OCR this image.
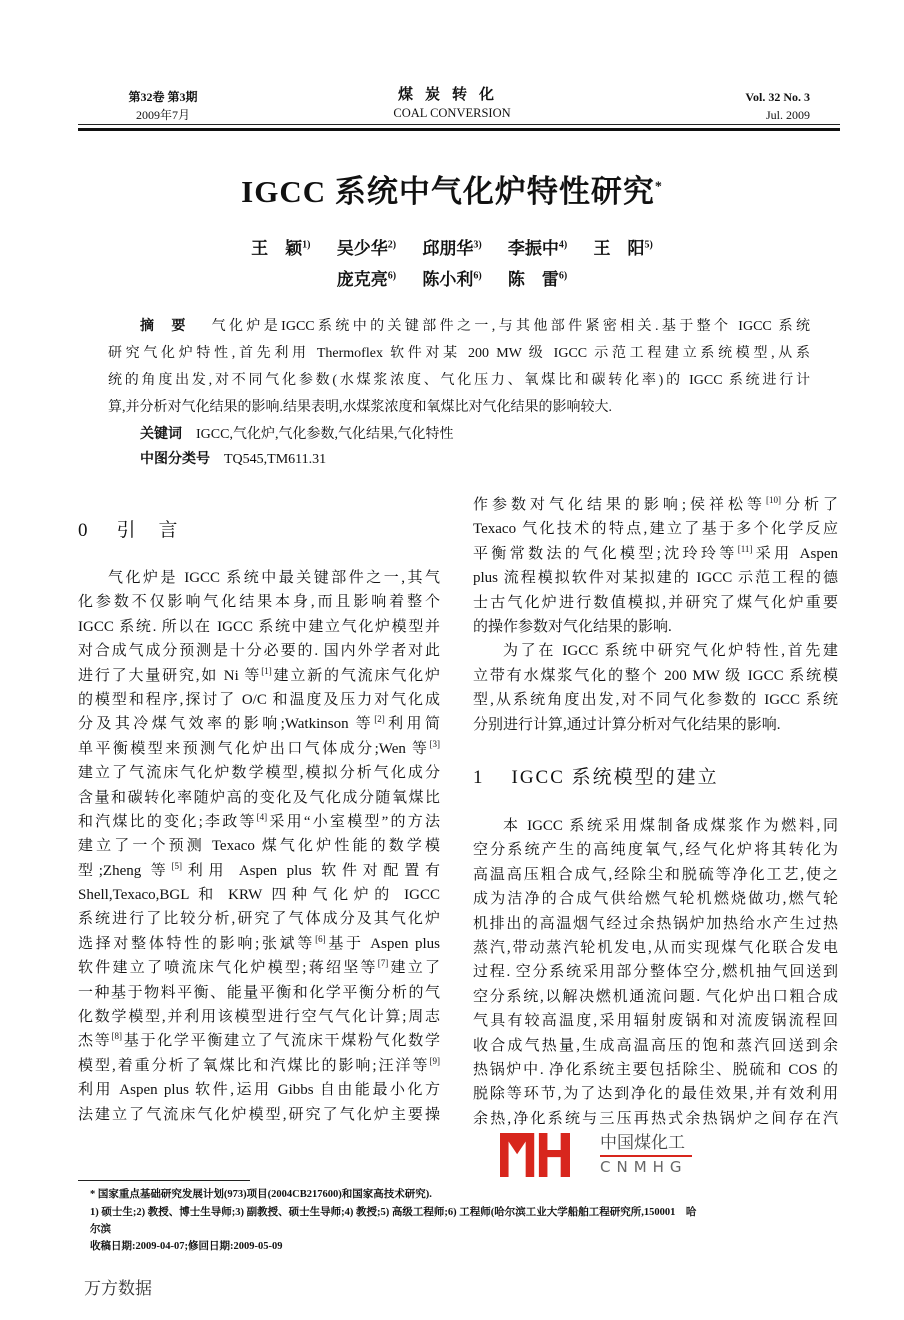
第32卷 第3期
2009年7月
煤炭转化
COAL CONVERSION
Vol. 32 No. 3
Jul. 2009
IGCC 系统中气化炉特性研究*
王　颖$^{1)}$ 吴少华$^{2)}$ 邱朋华$^{3)}$ 李振中$^{4)}$ 王　阳$^{5)}$
庞克亮$^{6)}$ 陈小利$^{6)}$ 陈　雷$^{6)}$
摘要 气化炉是IGCC系统中的关键部件之一,与其他部件紧密相关.基于整个 IGCC 系统
研究气化炉特性,首先利用 Thermoflex 软件对某 200 MW 级 IGCC 示范工程建立系统模型,从系
统的角度出发,对不同气化参数(水煤浆浓度、气化压力、氧煤比和碳转化率)的 IGCC 系统进行计
算,并分析对气化结果的影响.结果表明,水煤浆浓度和氧煤比对气化结果的影响较大.
关键词 IGCC,气化炉,气化参数,气化结果,气化特性
中图分类号 TQ545,TM611.31
0 引　言
气化炉是 IGCC 系统中最关键部件之一,其气
化参数不仅影响气化结果本身,而且影响着整个
IGCC 系统. 所以在 IGCC 系统中建立气化炉模型并
对合成气成分预测是十分必要的. 国内外学者对此
进行了大量研究,如 Ni 等[1]建立新的气流床气化炉
的模型和程序,探讨了 O/C 和温度及压力对气化成
分及其冷煤气效率的影响;Watkinson 等[2]利用简
单平衡模型来预测气化炉出口气体成分;Wen 等[3]
建立了气流床气化炉数学模型,模拟分析气化成分
含量和碳转化率随炉高的变化及气化成分随氧煤比
和汽煤比的变化;李政等[4]采用“小室模型”的方法
建立了一个预测 Texaco 煤气化炉性能的数学模
型;Zheng 等[5]利用 Aspen plus 软件对配置有
Shell,Texaco,BGL 和 KRW 四种气化炉的 IGCC
系统进行了比较分析,研究了气体成分及其气化炉
选择对整体特性的影响;张斌等[6]基于 Aspen plus
软件建立了喷流床气化炉模型;蒋绍坚等[7]建立了
一种基于物料平衡、能量平衡和化学平衡分析的气
化数学模型,并利用该模型进行空气气化计算;周志
杰等[8]基于化学平衡建立了气流床干煤粉气化数学
模型,着重分析了氧煤比和汽煤比的影响;汪洋等[9]
利用 Aspen plus 软件,运用 Gibbs 自由能最小化方
法建立了气流床气化炉模型,研究了气化炉主要操
作参数对气化结果的影响;侯祥松等[10]分析了
Texaco 气化技术的特点,建立了基于多个化学反应
平衡常数法的气化模型;沈玲玲等[11]采用 Aspen
plus 流程模拟软件对某拟建的 IGCC 示范工程的德
士古气化炉进行数值模拟,并研究了煤气化炉重要
的操作参数对气化结果的影响.
为了在 IGCC 系统中研究气化炉特性,首先建
立带有水煤浆气化的整个 200 MW 级 IGCC 系统模
型,从系统角度出发,对不同气化参数的 IGCC 系统
分别进行计算,通过计算分析对气化结果的影响.
1 IGCC 系统模型的建立
本 IGCC 系统采用煤制备成煤浆作为燃料,同
空分系统产生的高纯度氧气,经气化炉将其转化为
高温高压粗合成气,经除尘和脱硫等净化工艺,使之
成为洁净的合成气供给燃气轮机燃烧做功,燃气轮
机排出的高温烟气经过余热锅炉加热给水产生过热
蒸汽,带动蒸汽轮机发电,从而实现煤气化联合发电
过程. 空分系统采用部分整体空分,燃机抽气回送到
空分系统,以解决燃机通流问题. 气化炉出口粗合成
气具有较高温度,采用辐射废锅和对流废锅流程回
收合成气热量,生成高温高压的饱和蒸汽回送到余
热锅炉中. 净化系统主要包括除尘、脱硫和 COS 的
脱除等环节,为了达到净化的最佳效果,并有效利用
余热,净化系统与三压再热式余热锅炉之间存在汽
中国煤化工
CNMHG
* 国家重点基础研究发展计划(973)项目(2004CB217600)和国家高技术研究).
1) 硕士生;2) 教授、博士生导师;3) 副教授、硕士生导师;4) 教授;5) 高级工程师;6) 工程师(哈尔滨工业大学船舶工程研究所,150001　哈
尔滨
收稿日期:2009-04-07;修回日期:2009-05-09
万方数据
